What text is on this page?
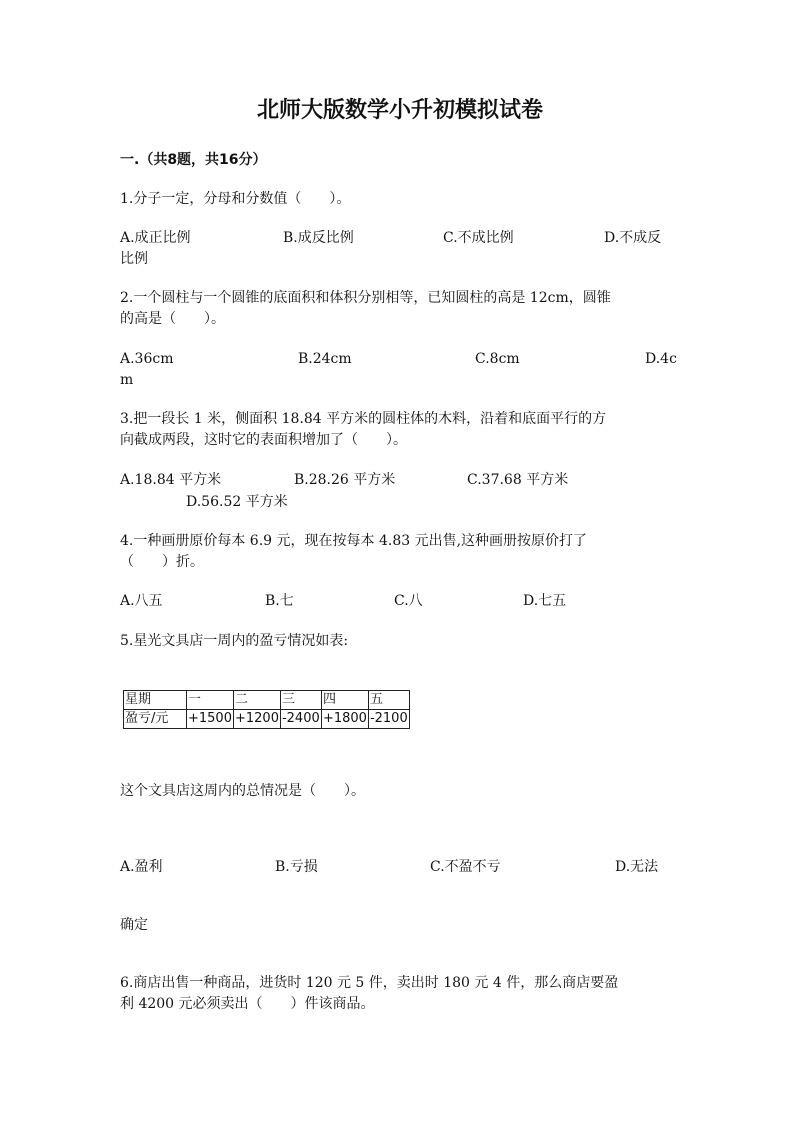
北师大版数学小升初模拟试卷
一.（共8题，共16分）
1.分子一定，分母和分数值（　　）。
A.成正比例	B.成反比例	C.不成比例	D.不成反
比例
2.一个圆柱与一个圆锥的底面积和体积分别相等，已知圆柱的高是 12cm，圆锥
的高是（　　）。
A.36cm	B.24cm	C.8cm	D.4c
m
3.把一段长 1 米，侧面积 18.84 平方米的圆柱体的木料，沿着和底面平行的方
向截成两段，这时它的表面积增加了（　　）。
A.18.84 平方米	B.28.26 平方米	C.37.68 平方米
D.56.52 平方米
4.一种画册原价每本 6.9 元，现在按每本 4.83 元出售,这种画册按原价打了
（　　）折。
A.八五	B.七	C.八	D.七五
5.星光文具店一周内的盈亏情况如表:
星期	一	二	三	四	五
盈亏/元	+1500	+1200	-2400	+1800	-2100
这个文具店这周内的总情况是（　　）。
A.盈利	B.亏损	C.不盈不亏	D.无法
确定
6.商店出售一种商品，进货时 120 元 5 件，卖出时 180 元 4 件，那么商店要盈
利 4200 元必须卖出（　　）件该商品。
